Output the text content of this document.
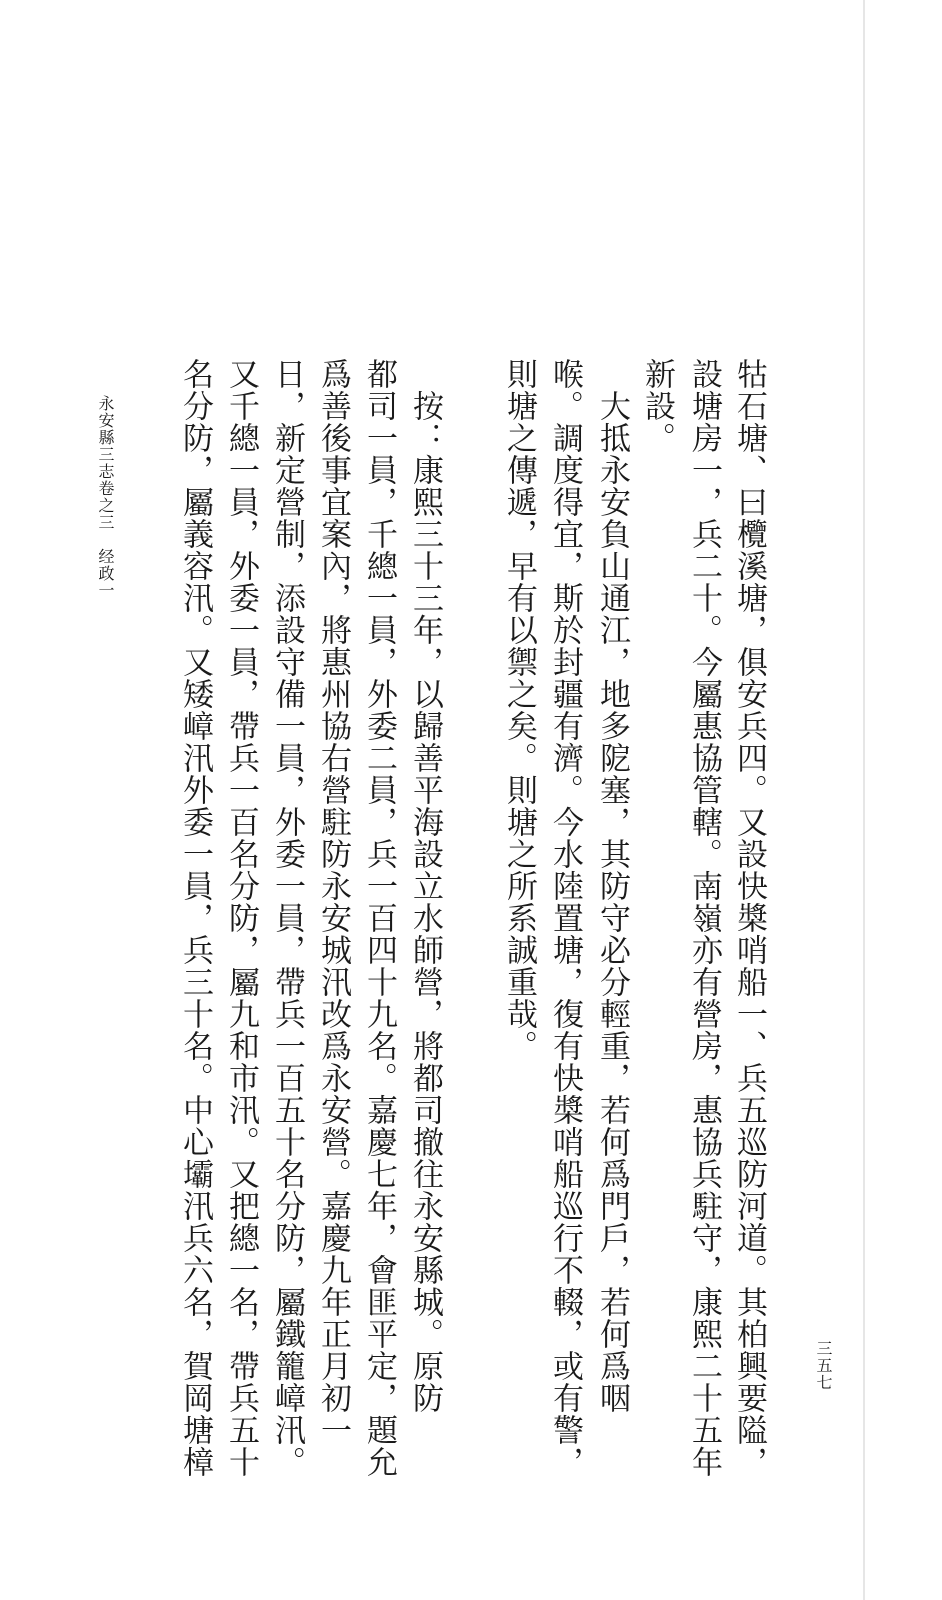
牯石塘、曰欖溪塘，俱安兵四。又設快槳哨船一、兵五巡防河道。其柏興要隘，
設塘房一，兵二十。今屬惠協管轄。南嶺亦有營房，惠協兵駐守，康熙二十五年
新設。
　大抵永安負山通江，地多阸塞，其防守必分輕重，若何爲門戶，若何爲咽
喉。調度得宜，斯於封疆有濟。今水陸置塘，復有快槳哨船巡行不輟，或有警，
則塘之傳遞，早有以禦之矣。則塘之所系誠重哉。
　按：康熙三十三年，以歸善平海設立水師營，將都司撤往永安縣城。原防
都司一員，千總一員，外委二員，兵一百四十九名。嘉慶七年，會匪平定，題允
爲善後事宜案內，將惠州協右營駐防永安城汛改爲永安營。嘉慶九年正月初一
日，新定營制，添設守備一員，外委一員，帶兵一百五十名分防，屬鐵籠嶂汛。
又千總一員，外委一員，帶兵一百名分防，屬九和市汛。又把總一名，帶兵五十
名分防，屬義容汛。又矮嶂汛外委一員，兵三十名。中心壩汛兵六名，賀岡塘樟
永安縣三志卷之三　经政一
三五七
